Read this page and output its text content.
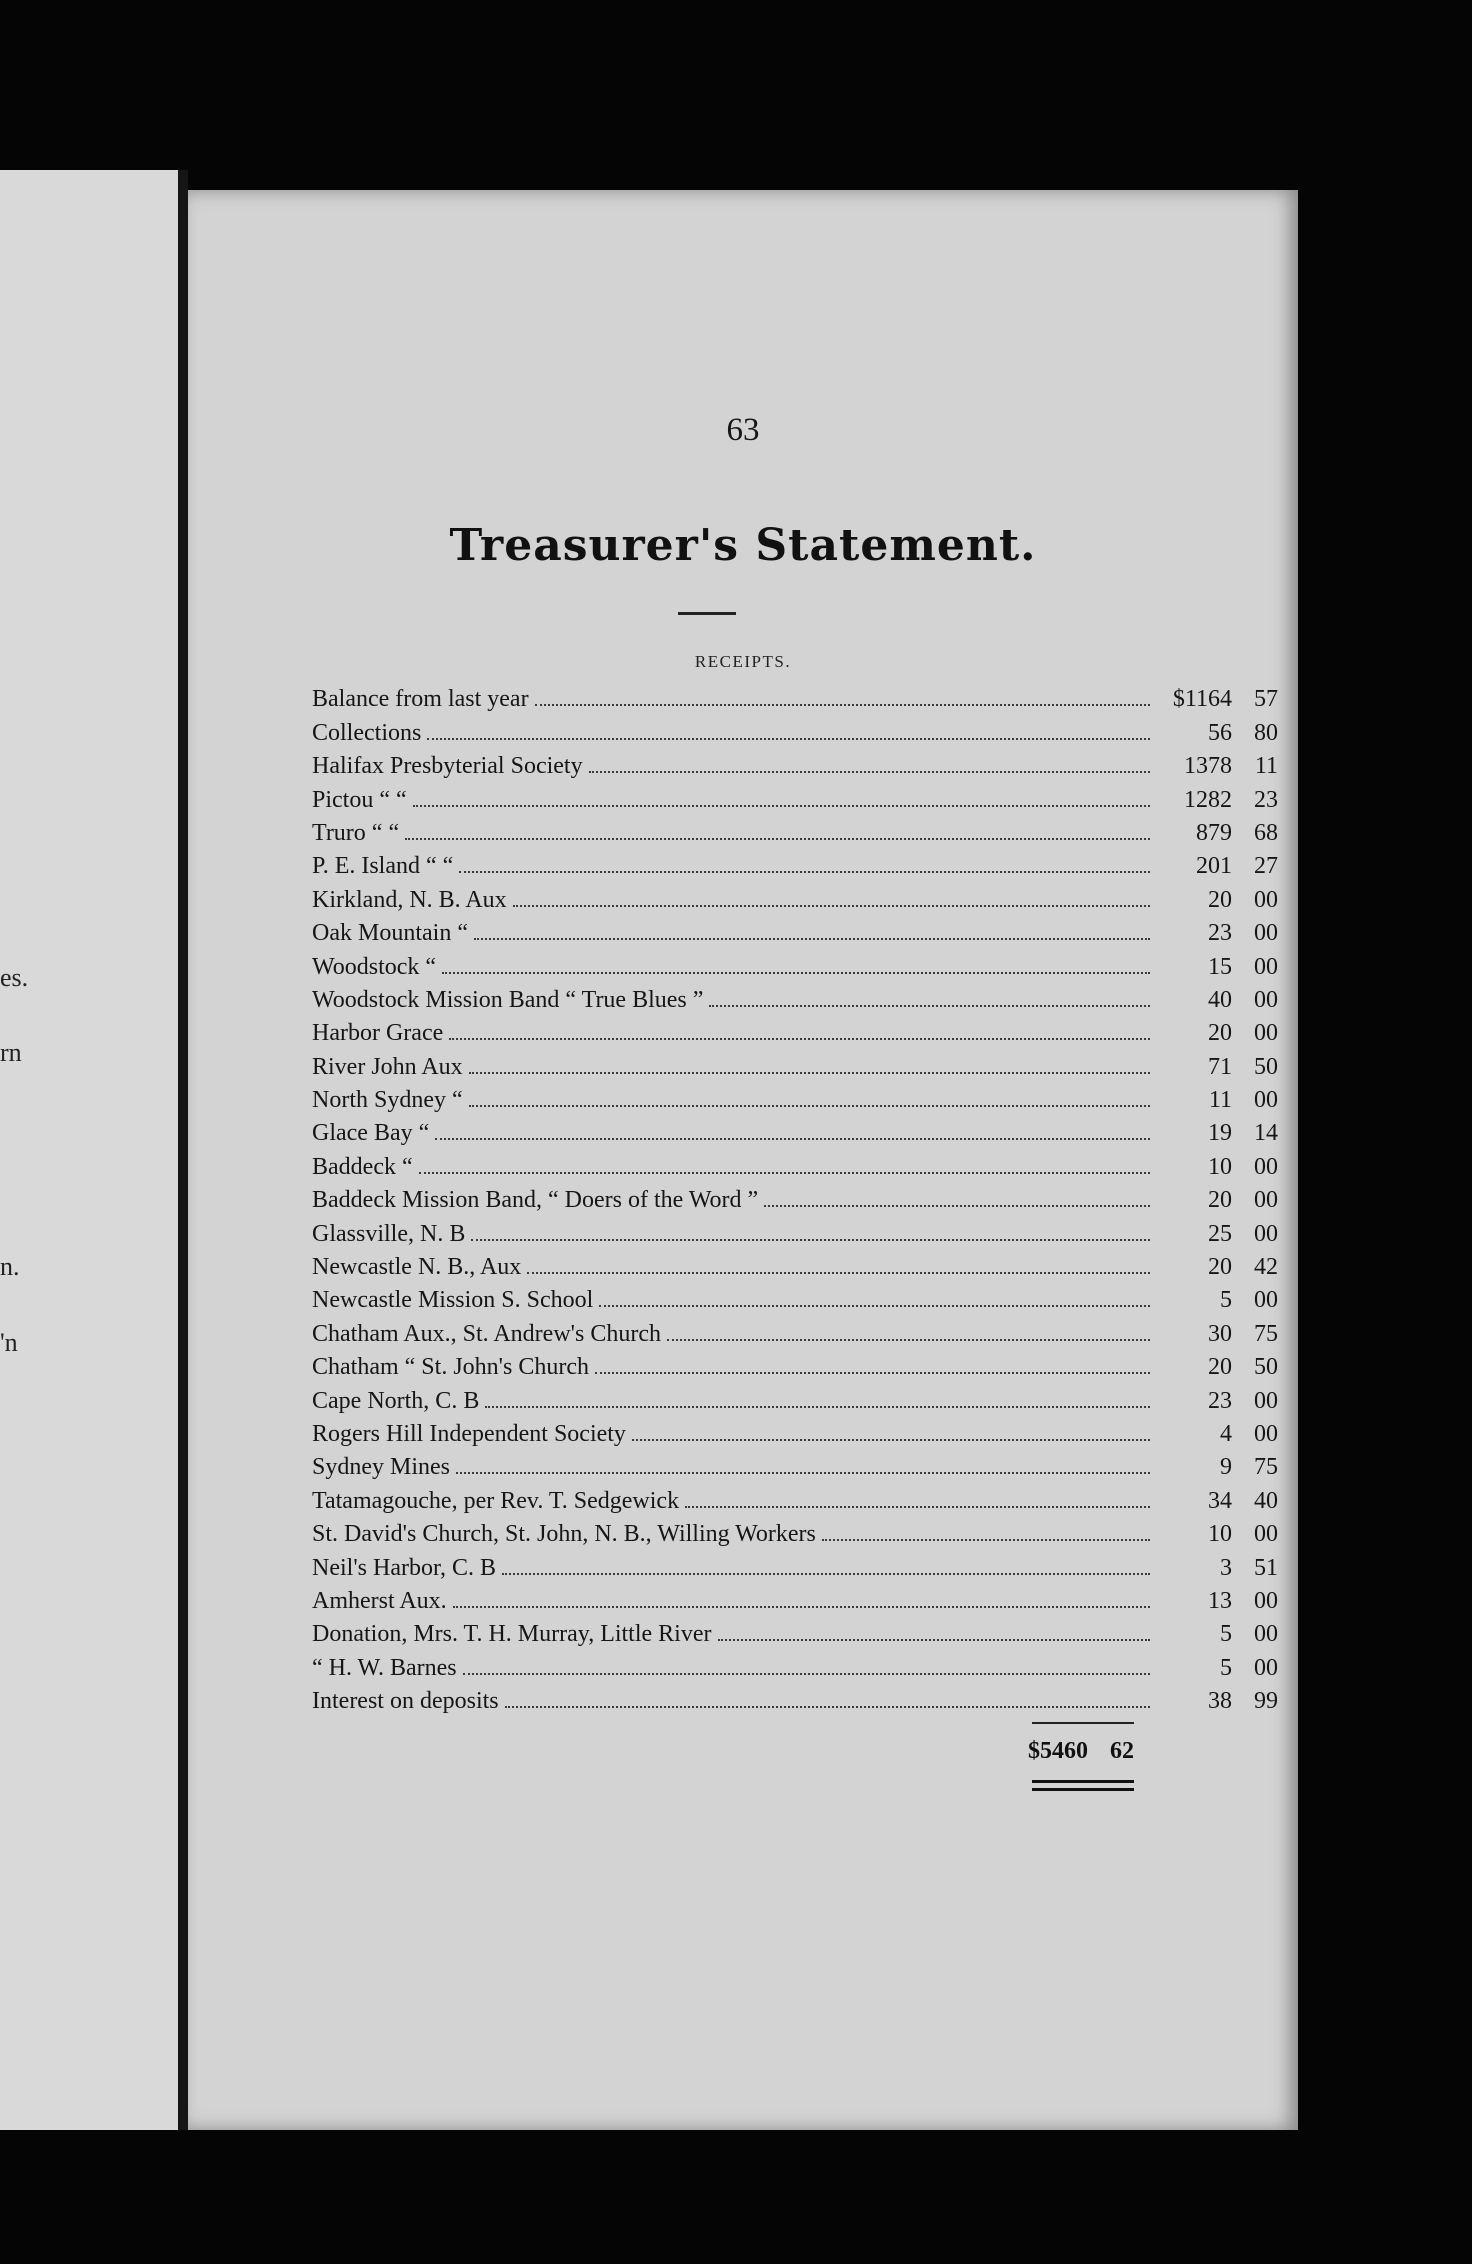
es.
rn
n.
'n
63
Treasurer's Statement.
RECEIPTS.
Balance from last year	$1164 57
Collections	56 80
Halifax Presbyterial Society	1378 11
Pictou “ “	1282 23
Truro “ “	879 68
P. E. Island “ “	201 27
Kirkland, N. B. Aux	20 00
Oak Mountain “	23 00
Woodstock “	15 00
Woodstock Mission Band “ True Blues ”	40 00
Harbor Grace	20 00
River John Aux	71 50
North Sydney “	11 00
Glace Bay “	19 14
Baddeck “	10 00
Baddeck Mission Band, “ Doers of the Word ”	20 00
Glassville, N. B	25 00
Newcastle N. B., Aux	20 42
Newcastle Mission S. School	5 00
Chatham Aux., St. Andrew's Church	30 75
Chatham “ St. John's Church	20 50
Cape North, C. B	23 00
Rogers Hill Independent Society	4 00
Sydney Mines	9 75
Tatamagouche, per Rev. T. Sedgewick	34 40
St. David's Church, St. John, N. B., Willing Workers	10 00
Neil's Harbor, C. B	3 51
Amherst Aux.	13 00
Donation, Mrs. T. H. Murray, Little River	5 00
“ H. W. Barnes	5 00
Interest on deposits	38 99
$5460 62
